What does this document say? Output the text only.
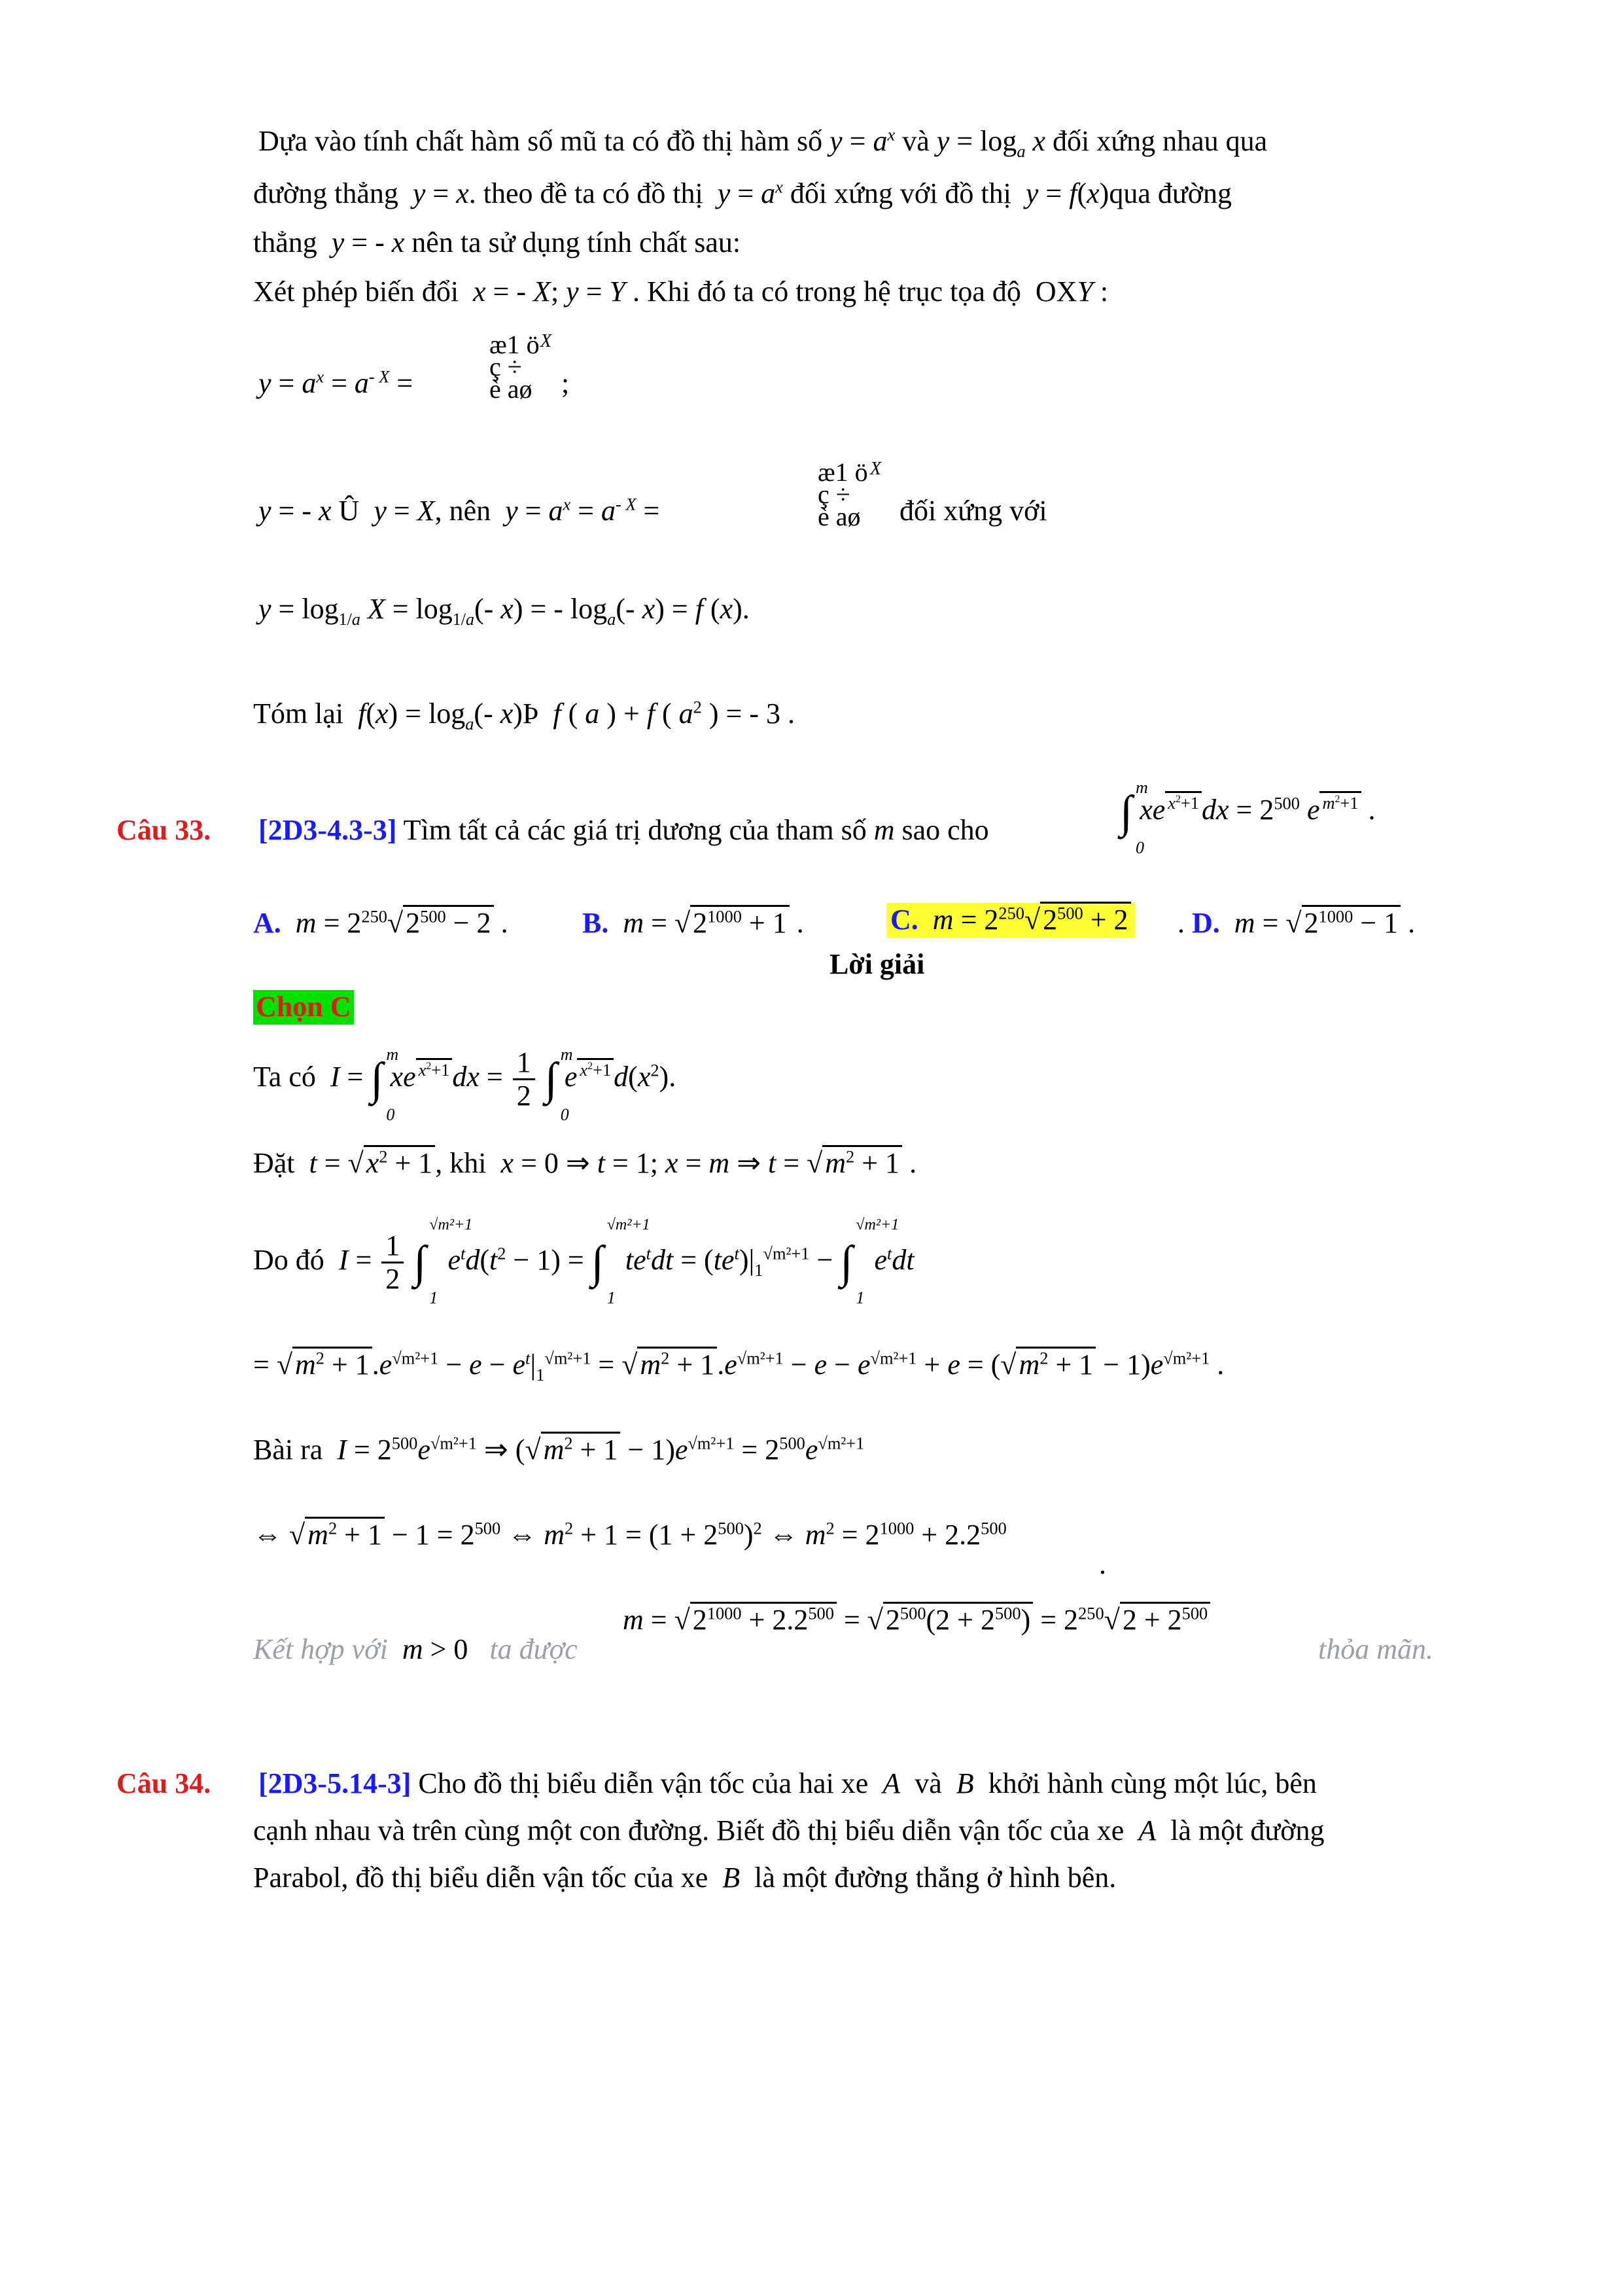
Dựa vào tính chất hàm số mũ ta có đồ thị hàm số $y = a^x$ và $y = \log_a x$ đối xứng nhau qua
đường thẳng y = x. theo đề ta có đồ thị $y = a^x$ đối xứng với đồ thị y = f(x)qua đường
thẳng y = - x nên ta sử dụng tính chất sau:
Xét phép biến đổi x = - X; y = Y . Khi đó ta có trong hệ trục tọa độ  OXY :
$y = a^x = a^{- X}$ =
æ1 ö
ç ÷
è aø
X
;
y = - x Û y = X, nên $y = a^x = a^{- X}$ =
æ1 ö
ç ÷
è aø
X
đối xứng với
$y = \log_{1/a} X = \log_{1/a}(-$ x) = - $\log_a(-$ x) = f (x).
Tóm lại $f(x) = \log_a(-$ x)Þ f ( a ) + f ( $a^2$ ) = - 3 .
Câu 33. [2D3-4.3-3] Tìm tất cả các giá trị dương của tham số m sao cho	∫ m
0
xe $^{x^2+1}dx = 2^{500}$ e $^{m^2+1}$ .
A. $m = 2^{250}√2^{500} - 2$ .	B. $m = √2^{1000} + 1$ .	C. $m = 2^{250}√2^{500} + 2$ . D. $m = √2^{1000} - 1$ .
Lời giải
Chọn C
Ta có I = ∫ m
0
xe $^{x^2+1}dx = \frac{1}{2}$ ∫ m
0
e $^{x^2+1}d(x^2)$.
Đặt $t = √x^2 + 1$, khi x = 0 ⇒ t = 1; x = m ⇒ $t = √m^2 + 1$ .
Do đó $I = \frac{1}{2}$ ∫
√m²+1
1
$e^td(t^2 - 1)$ = ∫
√m²+1
1
$te^tdt = (te^t)|_1^{√m^2+1}$ − ∫
√m²+1
1
$e^tdt$
= $√m^2 + 1.e^{√m^2+1} - e - e^t|_1^{√m^2+1} = √m^2 + 1.e^{√m^2+1} - e - e^{√m^2+1} + e = (√m^2 + 1 - 1)e^{√m^2+1}$ .
Bài ra $I = 2^{500}e^{√m^2+1}$ ⇒ $(√m^2 + 1 - 1)e^{√m^2+1} = 2^{500}e^{√m^2+1}$
⇔ $√m^2 + 1 - 1 = 2^{500}$ ⇔ $m^2 + 1 = (1 + 2^{500})^2$ ⇔ $m^2 = 2^{1000} + 2.2^{500}$
.
Kết hợp với m > 0   ta được
$m = √2^{1000} + 2.2^{500} = √2^{500}(2 + 2^{500}) = 2^{250}√2 + 2^{500}$
thỏa mãn.
Câu 34. [2D3-5.14-3] Cho đồ thị biểu diễn vận tốc của hai xe A và B khởi hành cùng một lúc, bên
cạnh nhau và trên cùng một con đường. Biết đồ thị biểu diễn vận tốc của xe A là một đường
Parabol, đồ thị biểu diễn vận tốc của xe B là một đường thẳng ở hình bên.
